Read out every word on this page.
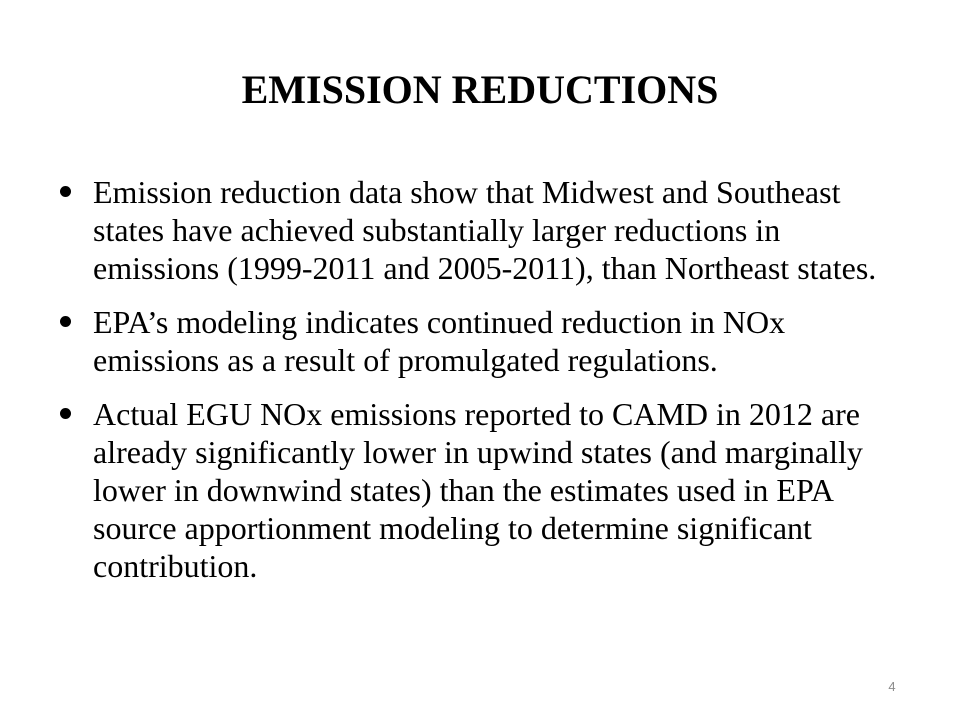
EMISSION REDUCTIONS
Emission reduction data show that Midwest and Southeast states have achieved substantially larger reductions in emissions (1999-2011 and 2005-2011), than Northeast states.
EPA’s modeling indicates continued reduction in NOx emissions as a result of promulgated regulations.
Actual EGU NOx emissions reported to CAMD in 2012 are already significantly lower in upwind states (and marginally lower in downwind states) than the estimates used in EPA source apportionment modeling to determine significant contribution.
4
